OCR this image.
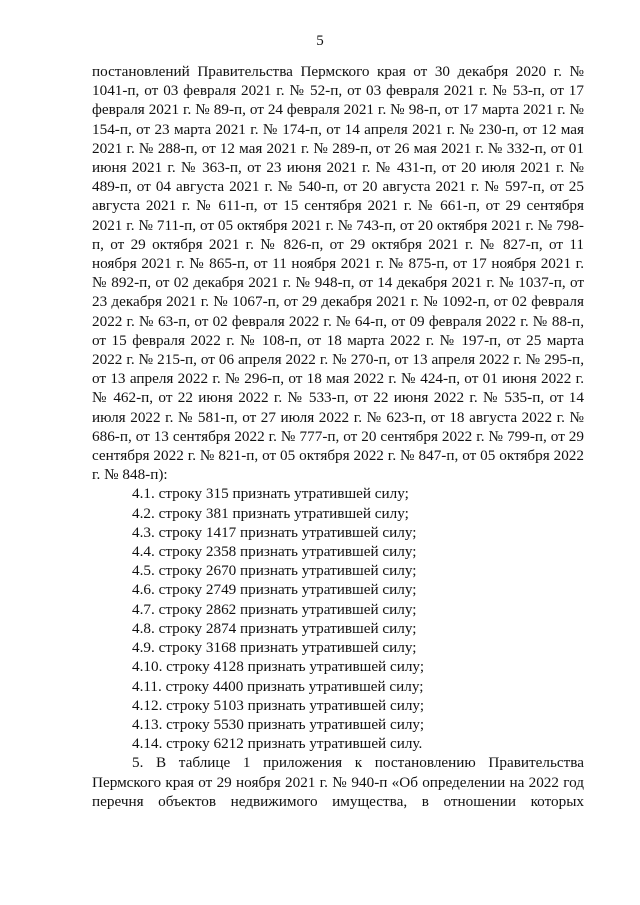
5

постановлений Правительства Пермского края от 30 декабря 2020 г. № 1041-п, от 03 февраля 2021 г. № 52-п, от 03 февраля 2021 г. № 53-п, от 17 февраля 2021 г. № 89-п, от 24 февраля 2021 г. № 98-п, от 17 марта 2021 г. № 154-п, от 23 марта 2021 г. № 174-п, от 14 апреля 2021 г. № 230-п, от 12 мая 2021 г. № 288-п, от 12 мая 2021 г. № 289-п, от 26 мая 2021 г. № 332-п, от 01 июня 2021 г. № 363-п, от 23 июня 2021 г. № 431-п, от 20 июля 2021 г. № 489-п, от 04 августа 2021 г. № 540-п, от 20 августа 2021 г. № 597-п, от 25 августа 2021 г. № 611-п, от 15 сентября 2021 г. № 661-п, от 29 сентября 2021 г. № 711-п, от 05 октября 2021 г. № 743-п, от 20 октября 2021 г. № 798-п, от 29 октября 2021 г. № 826-п, от 29 октября 2021 г. № 827-п, от 11 ноября 2021 г. № 865-п, от 11 ноября 2021 г. № 875-п, от 17 ноября 2021 г. № 892-п, от 02 декабря 2021 г. № 948-п, от 14 декабря 2021 г. № 1037-п, от 23 декабря 2021 г. № 1067-п, от 29 декабря 2021 г. № 1092-п, от 02 февраля 2022 г. № 63-п, от 02 февраля 2022 г. № 64-п, от 09 февраля 2022 г. № 88-п, от 15 февраля 2022 г. № 108-п, от 18 марта 2022 г. № 197-п, от 25 марта 2022 г. № 215-п, от 06 апреля 2022 г. № 270-п, от 13 апреля 2022 г. № 295-п, от 13 апреля 2022 г. № 296-п, от 18 мая 2022 г. № 424-п, от 01 июня 2022 г. № 462-п, от 22 июня 2022 г. № 533-п, от 22 июня 2022 г. № 535-п, от 14 июля 2022 г. № 581-п, от 27 июля 2022 г. № 623-п, от 18 августа 2022 г. № 686-п, от 13 сентября 2022 г. № 777-п, от 20 сентября 2022 г. № 799-п, от 29 сентября 2022 г. № 821-п, от 05 октября 2022 г. № 847-п, от 05 октября 2022 г. № 848-п):

4.1. строку 315 признать утратившей силу;

4.2. строку 381 признать утратившей силу;

4.3. строку 1417 признать утратившей силу;

4.4. строку 2358 признать утратившей силу;

4.5. строку 2670 признать утратившей силу;

4.6. строку 2749 признать утратившей силу;

4.7. строку 2862 признать утратившей силу;

4.8. строку 2874 признать утратившей силу;

4.9. строку 3168 признать утратившей силу;

4.10. строку 4128 признать утратившей силу;

4.11. строку 4400 признать утратившей силу;

4.12. строку 5103 признать утратившей силу;

4.13. строку 5530 признать утратившей силу;

4.14. строку 6212 признать утратившей силу.

5. В таблице 1 приложения к постановлению Правительства Пермского края от 29 ноября 2021 г. № 940-п «Об определении на 2022 год перечня объектов недвижимого имущества, в отношении которых
